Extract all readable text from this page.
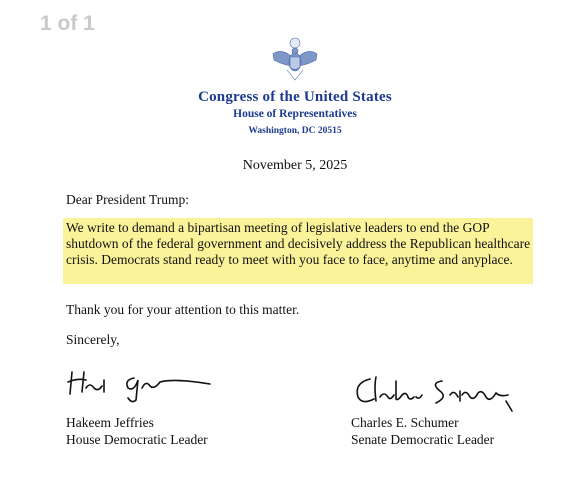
1 of 1
Congress of the United States
House of Representatives
Washington, DC 20515
November 5, 2025
Dear President Trump:
We write to demand a bipartisan meeting of legislative leaders to end the GOP shutdown of the federal government and decisively address the Republican healthcare crisis. Democrats stand ready to meet with you face to face, anytime and anyplace.
Thank you for your attention to this matter.
Sincerely,
Hakeem Jeffries
House Democratic Leader
Charles E. Schumer
Senate Democratic Leader
